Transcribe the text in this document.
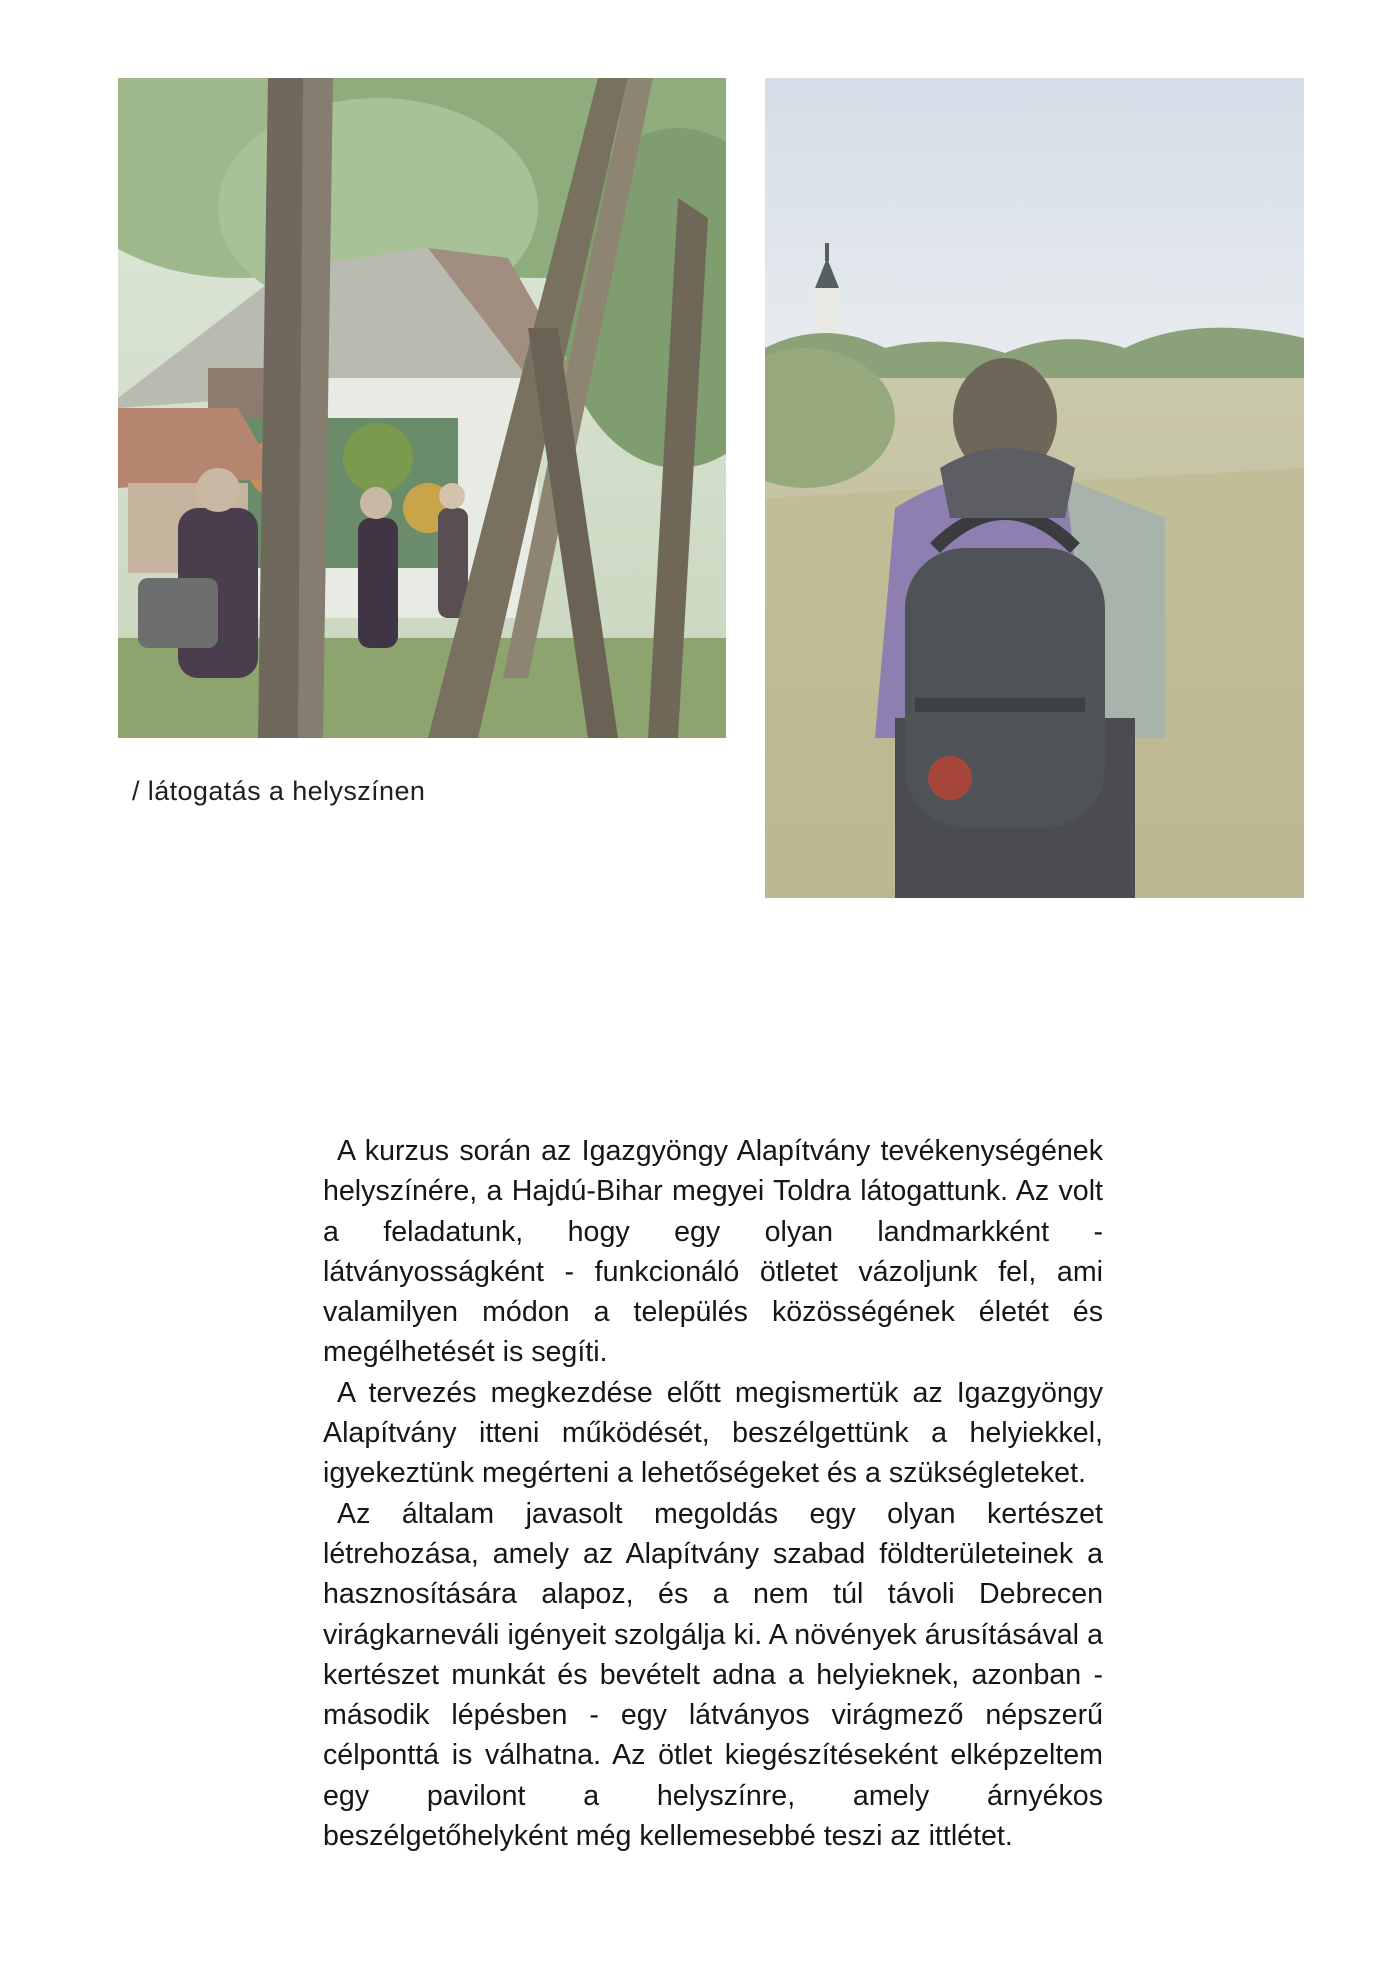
/ látogatás a helyszínen

A kurzus során az Igazgyöngy Alapítvány tevékenységének helyszínére, a Hajdú-Bihar megyei Toldra látogattunk. Az volt a feladatunk, hogy egy olyan landmarkként - látványosságként - funkcionáló ötletet vázoljunk fel, ami valamilyen módon a település közösségének életét és megélhetését is segíti.

A tervezés megkezdése előtt megismertük az Igazgyöngy Alapítvány itteni működését, beszélgettünk a helyiekkel, igyekeztünk megérteni a lehetőségeket és a szükségleteket.

Az általam javasolt megoldás egy olyan kertészet létrehozása, amely az Alapítvány szabad földterületeinek a hasznosítására alapoz, és a nem túl távoli Debrecen virágkarneváli igényeit szolgálja ki. A növények árusításával a kertészet munkát és bevételt adna a helyieknek, azonban - második lépésben - egy látványos virágmező népszerű célponttá is válhatna. Az ötlet kiegészítéseként elképzeltem egy pavilont a helyszínre, amely árnyékos beszélgetőhelyként még kellemesebbé teszi az ittlétet.
